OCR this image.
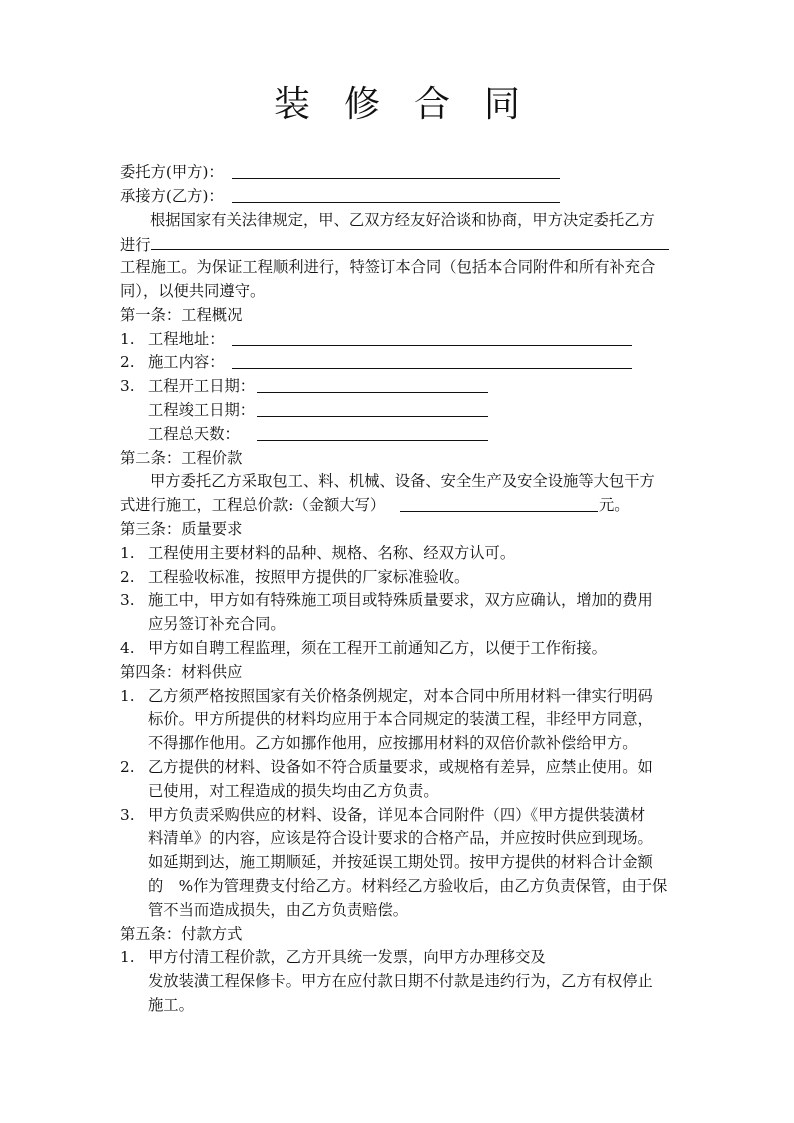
装修合同
委托方(甲方)：
承接方(乙方)：
根据国家有关法律规定，甲、乙双方经友好洽谈和协商，甲方决定委托乙方
进行
工程施工。为保证工程顺利进行，特签订本合同（包括本合同附件和所有补充合
同），以便共同遵守。
第一条：工程概况
1. 工程地址：
2. 施工内容：
3. 工程开工日期：
工程竣工日期：
工程总天数：
第二条：工程价款
甲方委托乙方采取包工、料、机械、设备、安全生产及安全设施等大包干方
式进行施工，工程总价款:（金额大写）	元。
第三条：质量要求
1. 工程使用主要材料的品种、规格、名称、经双方认可。
2. 工程验收标准，按照甲方提供的厂家标准验收。
3. 施工中，甲方如有特殊施工项目或特殊质量要求，双方应确认，增加的费用
应另签订补充合同。
4. 甲方如自聘工程监理，须在工程开工前通知乙方，以便于工作衔接。
第四条：材料供应
1. 乙方须严格按照国家有关价格条例规定，对本合同中所用材料一律实行明码
标价。甲方所提供的材料均应用于本合同规定的装潢工程，非经甲方同意，
不得挪作他用。乙方如挪作他用，应按挪用材料的双倍价款补偿给甲方。
2. 乙方提供的材料、设备如不符合质量要求，或规格有差异，应禁止使用。如
已使用，对工程造成的损失均由乙方负责。
3. 甲方负责采购供应的材料、设备，详见本合同附件（四）《甲方提供装潢材
料清单》的内容，应该是符合设计要求的合格产品，并应按时供应到现场。
如延期到达，施工期顺延，并按延误工期处罚。按甲方提供的材料合计金额
的　%作为管理费支付给乙方。材料经乙方验收后，由乙方负责保管，由于保
管不当而造成损失，由乙方负责赔偿。
第五条：付款方式
1. 甲方付清工程价款，乙方开具统一发票，向甲方办理移交及
发放装潢工程保修卡。甲方在应付款日期不付款是违约行为，乙方有权停止
施工。
